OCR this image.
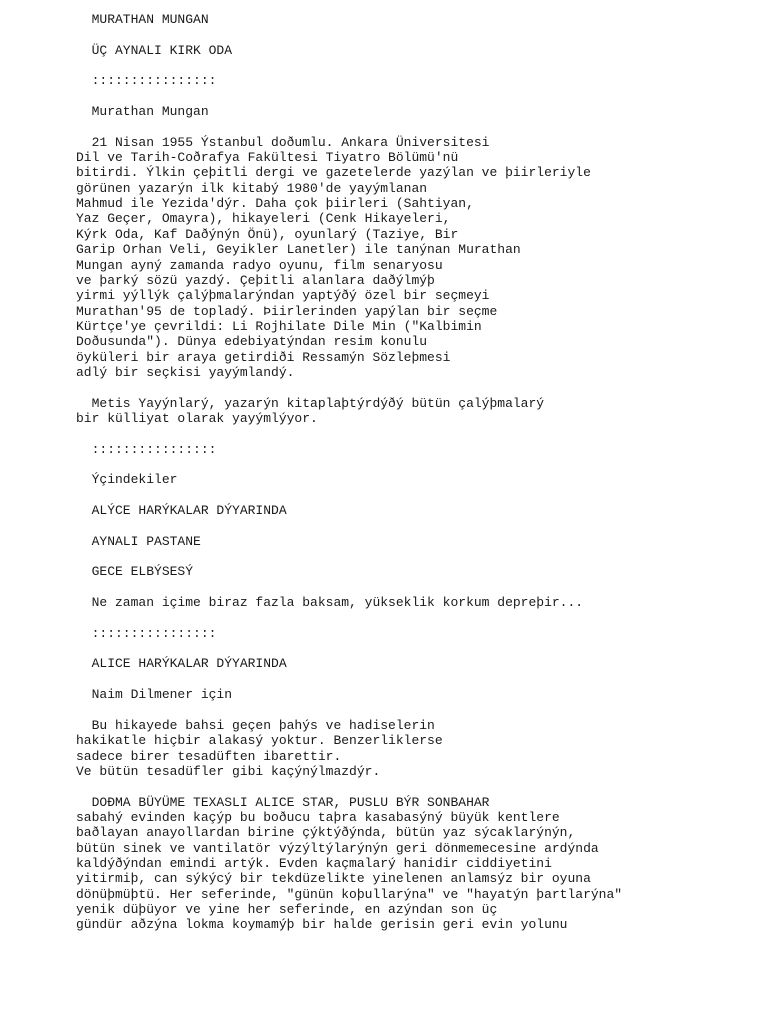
MURATHAN MUNGAN
ÜÇ AYNALI KIRK ODA
::::::::::::::::
Murathan Mungan
21 Nisan 1955 Ýstanbul doðumlu. Ankara Üniversitesi
Dil ve Tarih-Coðrafya Fakültesi Tiyatro Bölümü'nü
bitirdi. Ýlkin çeþitli dergi ve gazetelerde yazýlan ve þiirleriyle
görünen yazarýn ilk kitabý 1980'de yayýmlanan
Mahmud ile Yezida'dýr. Daha çok þiirleri (Sahtiyan,
Yaz Geçer, Omayra), hikayeleri (Cenk Hikayeleri,
Kýrk Oda, Kaf Daðýnýn Önü), oyunlarý (Taziye, Bir
Garip Orhan Veli, Geyikler Lanetler) ile tanýnan Murathan
Mungan ayný zamanda radyo oyunu, film senaryosu
ve þarký sözü yazdý. Çeþitli alanlara daðýlmýþ
yirmi yýllýk çalýþmalarýndan yaptýðý özel bir seçmeyi
Murathan'95 de topladý. Þiirlerinden yapýlan bir seçme
Kürtçe'ye çevrildi: Li Rojhilate Dile Min ("Kalbimin
Doðusunda"). Dünya edebiyatýndan resim konulu
öyküleri bir araya getirdiði Ressamýn Sözleþmesi
adlý bir seçkisi yayýmlandý.
Metis Yayýnlarý, yazarýn kitaplaþtýrdýðý bütün çalýþmalarý
bir külliyat olarak yayýmlýyor.
::::::::::::::::
Ýçindekiler
ALÝCE HARÝKALAR DÝYARINDA
AYNALI PASTANE
GECE ELBÝSESÝ
Ne zaman içime biraz fazla baksam, yükseklik korkum depreþir...
::::::::::::::::
ALICE HARÝKALAR DÝYARINDA
Naim Dilmener için
Bu hikayede bahsi geçen þahýs ve hadiselerin
hakikatle hiçbir alakasý yoktur. Benzerliklerse
sadece birer tesadüften ibarettir.
Ve bütün tesadüfler gibi kaçýnýlmazdýr.
DOÐMA BÜYÜME TEXASLI ALICE STAR, PUSLU BÝR SONBAHAR
sabahý evinden kaçýp bu boðucu taþra kasabasýný büyük kentlere
baðlayan anayollardan birine çýktýðýnda, bütün yaz sýcaklarýnýn,
bütün sinek ve vantilatör výzýltýlarýnýn geri dönmemecesine ardýnda
kaldýðýndan emindi artýk. Evden kaçmalarý hanidir ciddiyetini
yitirmiþ, can sýkýcý bir tekdüzelikte yinelenen anlamsýz bir oyuna
dönüþmüþtü. Her seferinde, "günün koþullarýna" ve "hayatýn þartlarýna"
yenik düþüyor ve yine her seferinde, en azýndan son üç
gündür aðzýna lokma koymamýþ bir halde gerisin geri evin yolunu
